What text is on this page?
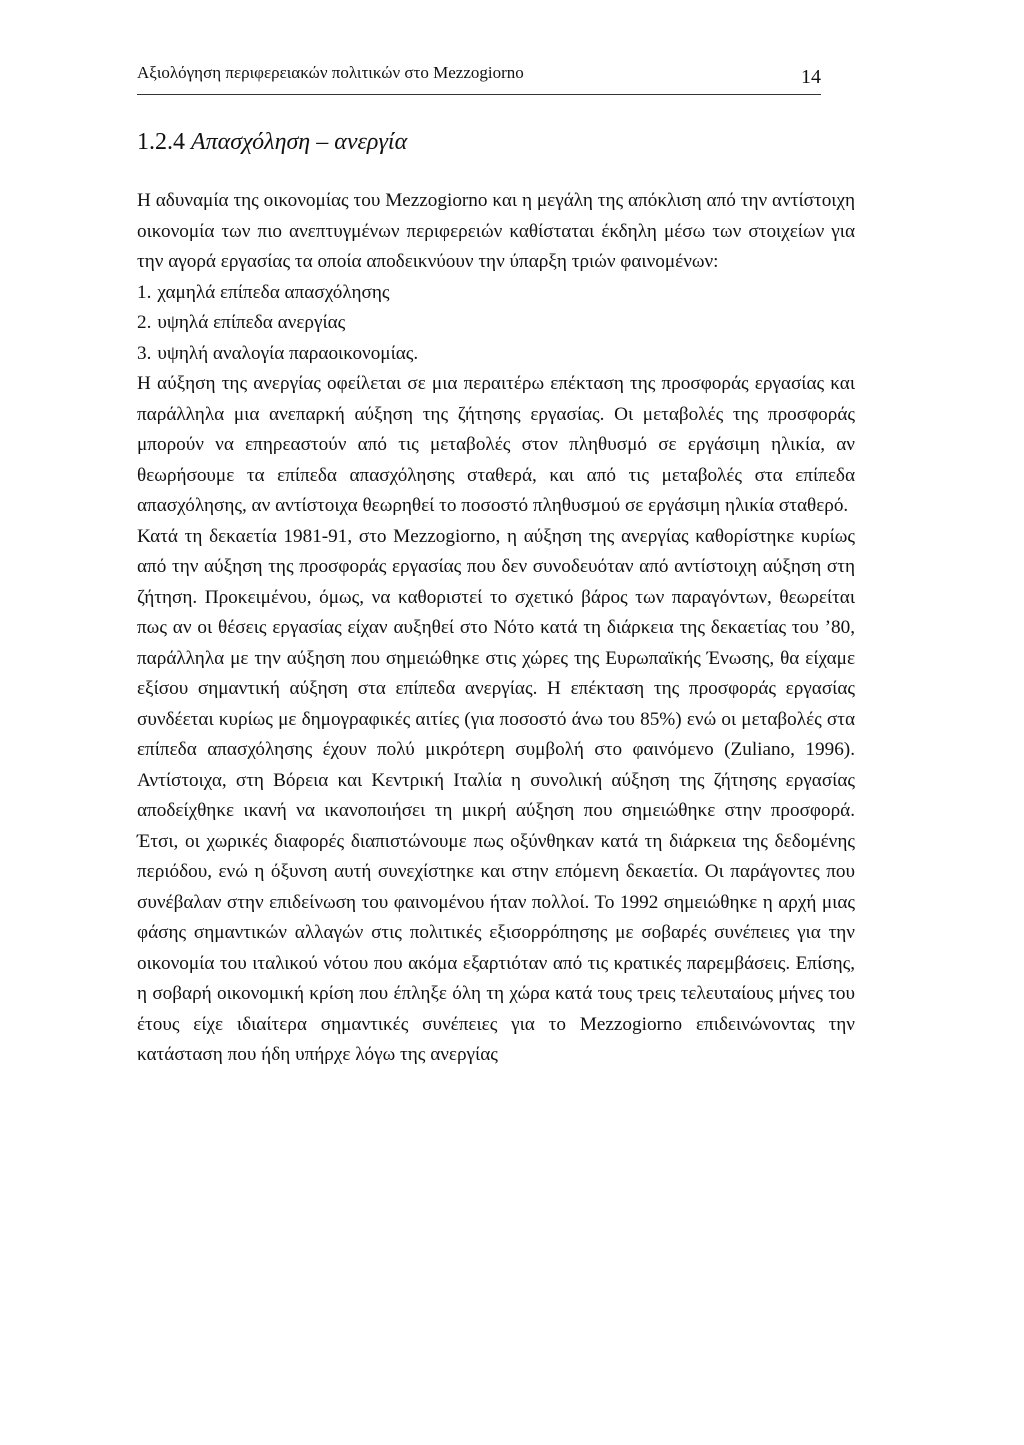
Αξιολόγηση περιφερειακών πολιτικών στο Mezzogiorno	14
1.2.4 Απασχόληση – ανεργία

Η αδυναμία της οικονομίας του Mezzogiorno και η μεγάλη της απόκλιση από την αντίστοιχη οικονομία των πιο ανεπτυγμένων περιφερειών καθίσταται έκδηλη μέσω των στοιχείων για την αγορά εργασίας τα οποία αποδεικνύουν την ύπαρξη τριών φαινομένων:

1. χαμηλά επίπεδα απασχόλησης
2. υψηλά επίπεδα ανεργίας
3. υψηλή αναλογία παραοικονομίας.

Η αύξηση της ανεργίας οφείλεται σε μια περαιτέρω επέκταση της προσφοράς εργασίας και παράλληλα μια ανεπαρκή αύξηση της ζήτησης εργασίας. Οι μεταβολές της προσφοράς μπορούν να επηρεαστούν από τις μεταβολές στον πληθυσμό σε εργάσιμη ηλικία, αν θεωρήσουμε τα επίπεδα απασχόλησης σταθερά, και από τις μεταβολές στα επίπεδα απασχόλησης, αν αντίστοιχα θεωρηθεί το ποσοστό πληθυσμού σε εργάσιμη ηλικία σταθερό.

Κατά τη δεκαετία 1981-91, στο Mezzogiorno, η αύξηση της ανεργίας καθορίστηκε κυρίως από την αύξηση της προσφοράς εργασίας που δεν συνοδευόταν από αντίστοιχη αύξηση στη ζήτηση. Προκειμένου, όμως, να καθοριστεί το σχετικό βάρος των παραγόντων, θεωρείται πως αν οι θέσεις εργασίας είχαν αυξηθεί στο Νότο κατά τη διάρκεια της δεκαετίας του ’80, παράλληλα με την αύξηση που σημειώθηκε στις χώρες της Ευρωπαϊκής Ένωσης, θα είχαμε εξίσου σημαντική αύξηση στα επίπεδα ανεργίας. Η επέκταση της προσφοράς εργασίας συνδέεται κυρίως με δημογραφικές αιτίες (για ποσοστό άνω του 85%) ενώ οι μεταβολές στα επίπεδα απασχόλησης έχουν πολύ μικρότερη συμβολή στο φαινόμενο (Zuliano, 1996). Αντίστοιχα, στη Βόρεια και Κεντρική Ιταλία η συνολική αύξηση της ζήτησης εργασίας αποδείχθηκε ικανή να ικανοποιήσει τη μικρή αύξηση που σημειώθηκε στην προσφορά. Έτσι, οι χωρικές διαφορές διαπιστώνουμε πως οξύνθηκαν κατά τη διάρκεια της δεδομένης περιόδου, ενώ η όξυνση αυτή συνεχίστηκε και στην επόμενη δεκαετία. Οι παράγοντες που συνέβαλαν στην επιδείνωση του φαινομένου ήταν πολλοί. Το 1992 σημειώθηκε η αρχή μιας φάσης σημαντικών αλλαγών στις πολιτικές εξισορρόπησης με σοβαρές συνέπειες για την οικονομία του ιταλικού νότου που ακόμα εξαρτιόταν από τις κρατικές παρεμβάσεις. Επίσης, η σοβαρή οικονομική κρίση που έπληξε όλη τη χώρα κατά τους τρεις τελευταίους μήνες του έτους είχε ιδιαίτερα σημαντικές συνέπειες για το Mezzogiorno επιδεινώνοντας την κατάσταση που ήδη υπήρχε λόγω της ανεργίας
